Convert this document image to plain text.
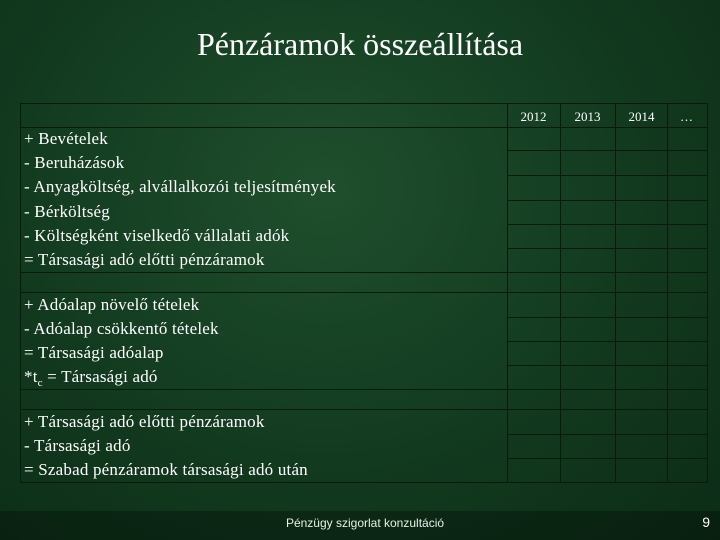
Pénzáramok összeállítása
2012	2013	2014	…
+ Bevételek
- Beruházások
- Anyagköltség, alvállalkozói teljesítmények
- Bérköltség
- Költségként viselkedő vállalati adók
= Társasági adó előtti pénzáramok
+ Adóalap növelő tételek
- Adóalap csökkentő tételek
= Társasági adóalap
$*t_c$ = Társasági adó
+ Társasági adó előtti pénzáramok
- Társasági adó
= Szabad pénzáramok társasági adó után
Pénzügy szigorlat konzultáció	9
